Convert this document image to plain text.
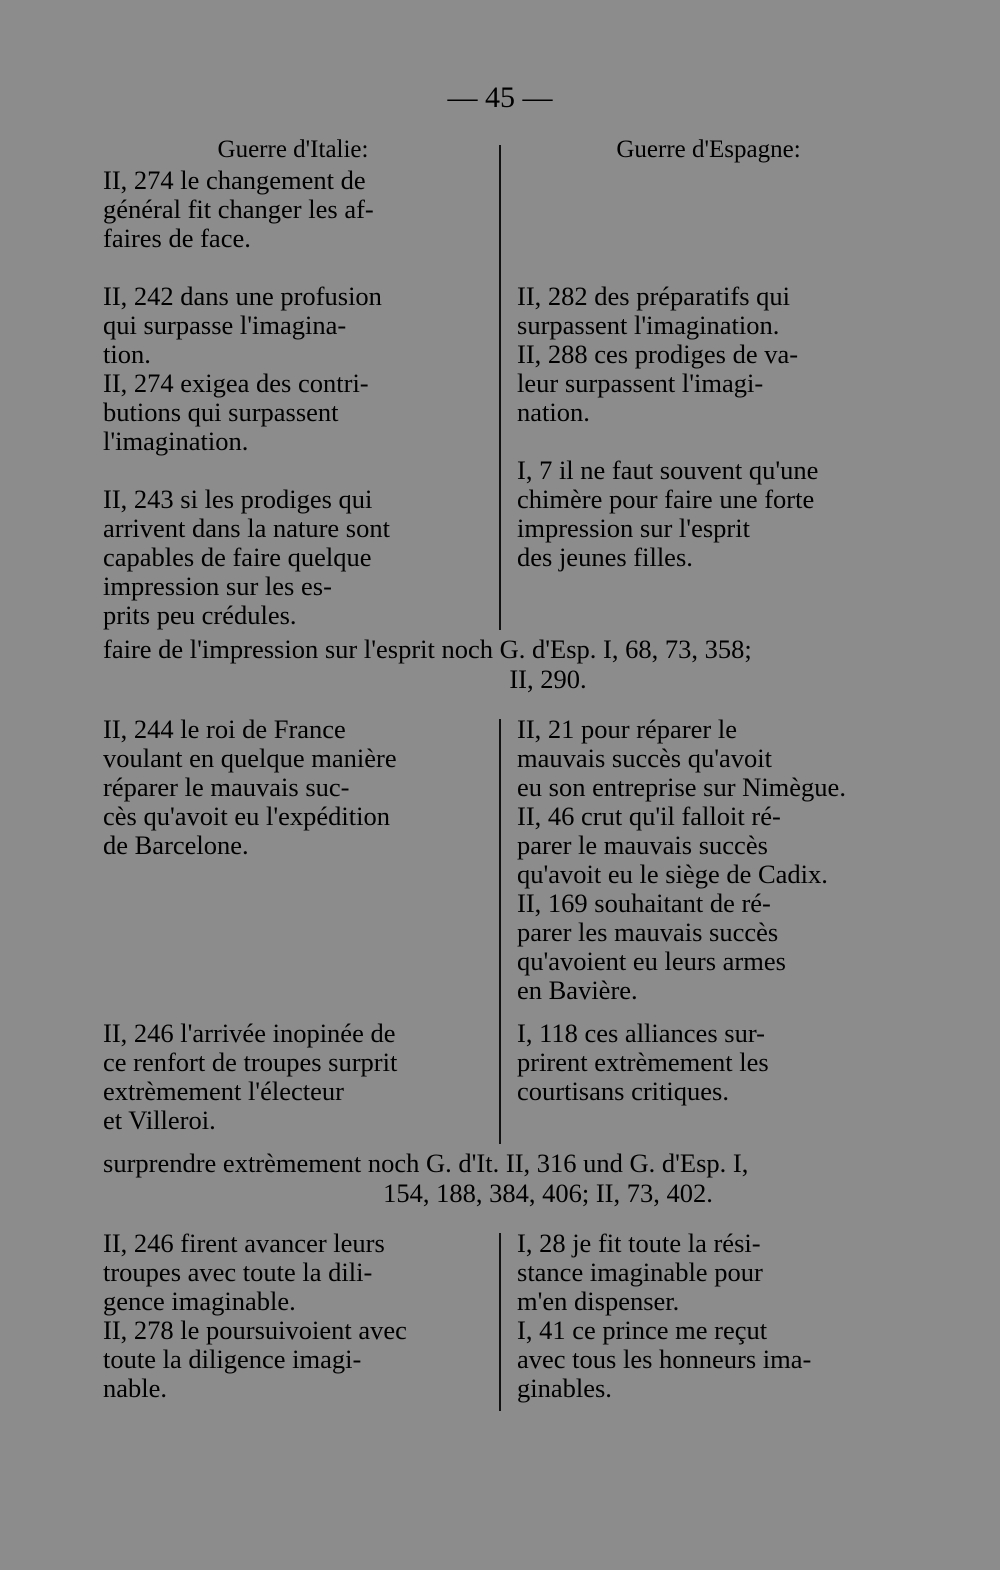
— 45 —
Guerre d'Italie:	Guerre d'Espagne:
II, 274 le changement de
général fit changer les af-
faires de face.
II, 242 dans une profusion
qui surpasse l'imagina-
tion.
II, 274 exigea des contri-
butions qui surpassent
l'imagination.
II, 243 si les prodiges qui
arrivent dans la nature sont
capables de faire quelque
impression sur les es-
prits peu crédules.
II, 282 des préparatifs qui
surpassent l'imagination.
II, 288 ces prodiges de va-
leur surpassent l'imagi-
nation.
I, 7 il ne faut souvent qu'une
chimère pour faire une forte
impression sur l'esprit
des jeunes filles.
faire de l'impression sur l'esprit noch G. d'Esp. I, 68, 73, 358;
II, 290.
II, 244 le roi de France
voulant en quelque manière
réparer le mauvais suc-
cès qu'avoit eu l'expédition
de Barcelone.
II, 21 pour réparer le
mauvais succès qu'avoit
eu son entreprise sur Nimègue.
II, 46 crut qu'il falloit ré-
parer le mauvais succès
qu'avoit eu le siège de Cadix.
II, 169 souhaitant de ré-
parer les mauvais succès
qu'avoient eu leurs armes
en Bavière.
II, 246 l'arrivée inopinée de
ce renfort de troupes surprit
extrèmement l'électeur
et Villeroi.
I, 118 ces alliances sur-
prirent extrèmement les
courtisans critiques.
surprendre extrèmement noch G. d'It. II, 316 und G. d'Esp. I,
154, 188, 384, 406; II, 73, 402.
II, 246 firent avancer leurs
troupes avec toute la dili-
gence imaginable.
II, 278 le poursuivoient avec
toute la diligence imagi-
nable.
I, 28 je fit toute la rési-
stance imaginable pour
m'en dispenser.
I, 41 ce prince me reçut
avec tous les honneurs ima-
ginables.
